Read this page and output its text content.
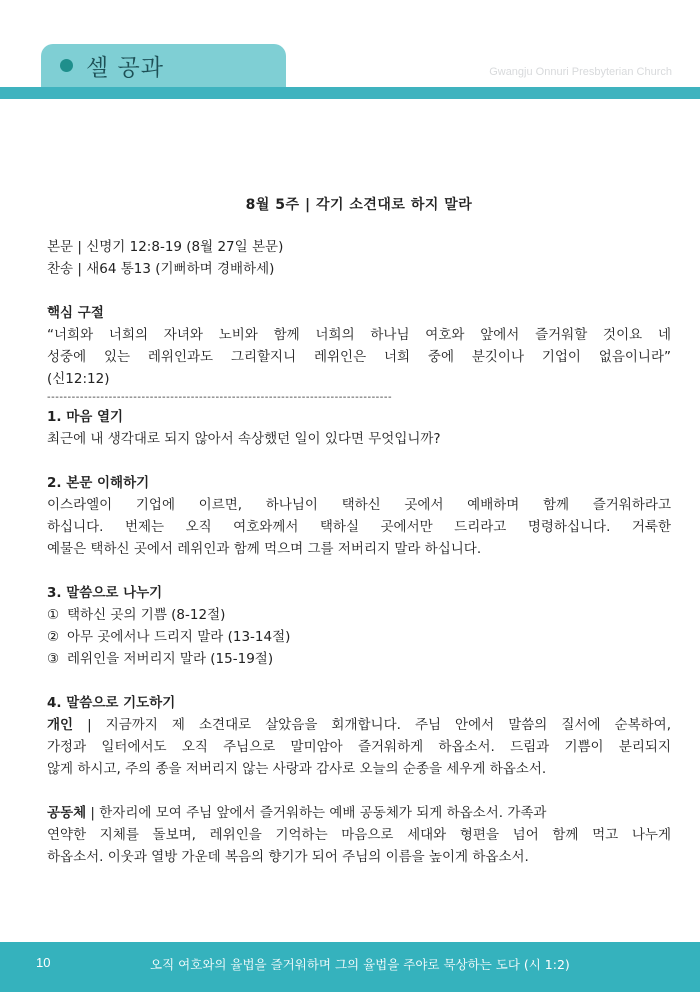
셀 공과	Gwangju Onnuri Presbyterian Church
8월 5주 | 각기 소견대로 하지 말라
본문 | 신명기 12:8-19 (8월 27일 본문)
찬송 | 새64 통13 (기뻐하며 경배하세)
핵심 구절
“너희와 너희의 자녀와 노비와 함께 너희의 하나님 여호와 앞에서 즐거워할 것이요 네
성중에 있는 레위인과도 그리할지니 레위인은 너희 중에 분깃이나 기업이 없음이니라”
(신12:12)
------------------------------------------------------------------------------------
1. 마음 열기
최근에 내 생각대로 되지 않아서 속상했던 일이 있다면 무엇입니까?
2. 본문 이해하기
이스라엘이 기업에 이르면, 하나님이 택하신 곳에서 예배하며 함께 즐거워하라고
하십니다. 번제는 오직 여호와께서 택하실 곳에서만 드리라고 명령하십니다. 거룩한
예물은 택하신 곳에서 레위인과 함께 먹으며 그를 저버리지 말라 하십니다.
3. 말씀으로 나누기
① 택하신 곳의 기쁨 (8-12절)
② 아무 곳에서나 드리지 말라 (13-14절)
③ 레위인을 저버리지 말라 (15-19절)
4. 말씀으로 기도하기
개인 | 지금까지 제 소견대로 살았음을 회개합니다. 주님 안에서 말씀의 질서에 순복하여,
가정과 일터에서도 오직 주님으로 말미암아 즐거워하게 하옵소서. 드림과 기쁨이 분리되지
않게 하시고, 주의 종을 저버리지 않는 사랑과 감사로 오늘의 순종을 세우게 하옵소서.
공동체 | 한자리에 모여 주님 앞에서 즐거워하는 예배 공동체가 되게 하옵소서. 가족과
연약한 지체를 돌보며, 레위인을 기억하는 마음으로 세대와 형편을 넘어 함께 먹고 나누게
하옵소서. 이웃과 열방 가운데 복음의 향기가 되어 주님의 이름을 높이게 하옵소서.
10	오직 여호와의 율법을 즐거워하며 그의 율법을 주야로 묵상하는 도다 (시 1:2)
